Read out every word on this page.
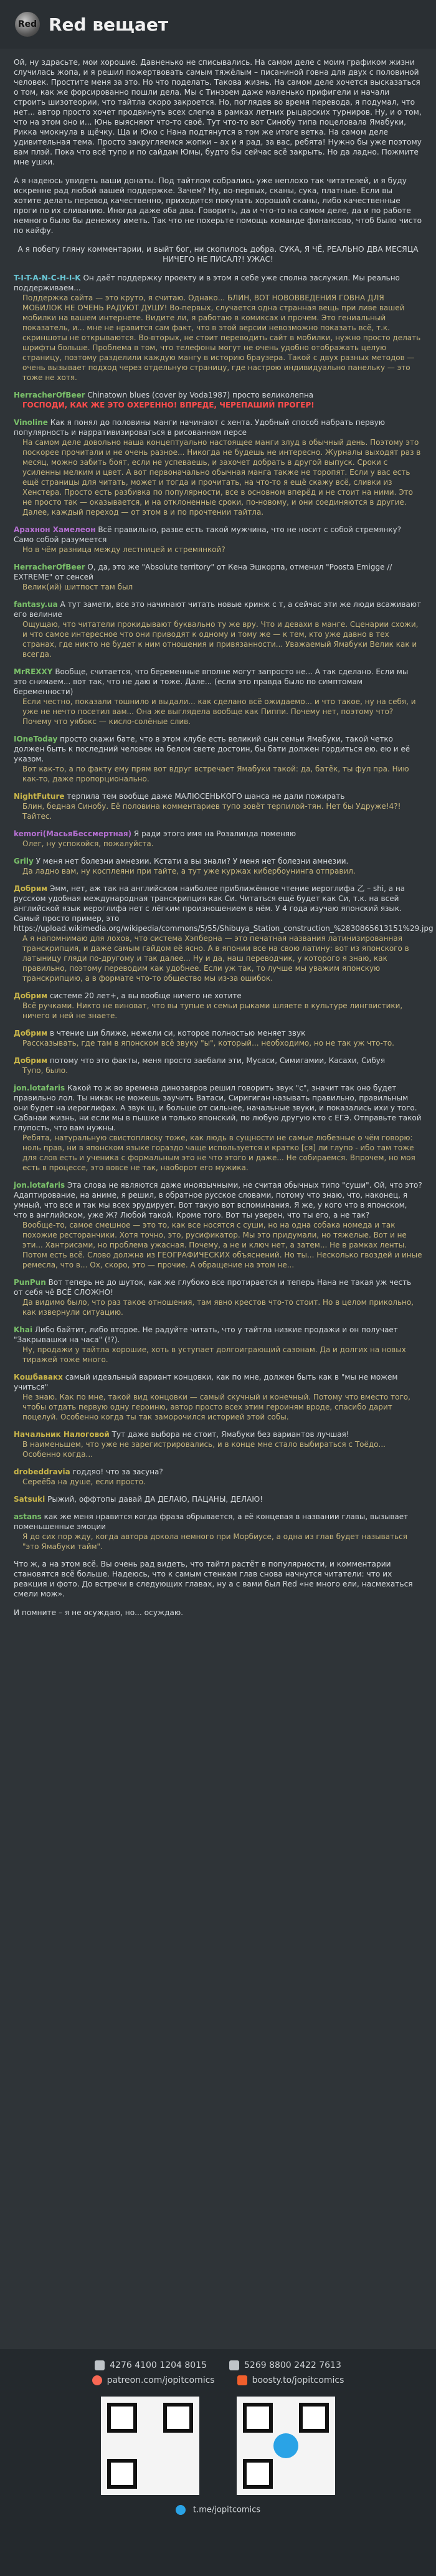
Red Red вещает

Ой, ну здрасьте, мои хорошие. Давненько не списывались. На самом деле с моим графиком жизни случилась жопа, и я решил пожертвовать самым тяжёлым – писаниной говна для двух с половиной человек. Простите меня за это. Но что поделать. Такова жизнь. На самом деле хочется высказаться о том, как же форсированно пошли дела. Мы с Тинзоем даже маленько прифигели и начали строить шизотеории, что тайтла скоро закроется. Но, поглядев во время перевода, я подумал, что нет... автор просто хочет продвинуть всех слегка в рамках летних рыцарских турниров. Ну, и о том, что на этом оно и... Юнь выясняют что-то своё. Тут что-то вот Синобу типа поцеловала Ямабуки, Рикка чмокнула в щёчку. Ща и Юко с Нана подтянутся в том же итоге ветка. На самом деле удивительная тема. Просто закругляемся жопки – ах и я рад, за вас, ребята! Нужно бы уже поэтому вам плэй. Пока что всё тупо и по сайдам Юмы, будто бы сейчас всё закрыть. Но да ладно. Пожмите мне ушки.

А я надеюсь увидеть ваши донаты. Под тайтлом собрались уже неплохо так читателей, и я буду искренне рад любой вашей поддержке. Зачем? Ну, во-первых, сканы, сука, платные. Если вы хотите делать перевод качественно, приходится покупать хороший сканы, либо качественные проги по их сливанию. Иногда даже оба два. Говорить, да и что-то на самом деле, да и по работе немного было бы денежку иметь. Так что не похерьте помощь команде финансово, чтоб было чисто по кайфу.

А я побегу гляну комментарии, и выйт бог, ни скопилось добра. СУКА, Я ЧЁ, РЕАЛЬНО ДВА МЕСЯЦА НИЧЕГО НЕ ПИСАЛ?! УЖАС!

T-I-T-A-N-C-H-I-K Он даёт поддержку проекту и в этом я себе уже сполна заслужил. Мы реально поддерживаем...
Поддержка сайта — это круто, я считаю. Однако... БЛИН, ВОТ НОВОВВЕДЕНИЯ ГОВНА ДЛЯ МОБИЛОК НЕ ОЧЕНЬ РАДУЮТ ДУШУ! Во-первых, случается одна странная вещь при ливе вашей мобилки на вашем интернете. Видите ли, я работаю в комиксах и прочем. Это гениальный показатель, и... мне не нравится сам факт, что в этой версии невозможно показать всё, т.к. скриншоты не открываются. Во-вторых, не стоит переводить сайт в мобилки, нужно просто делать шрифты больше. Проблема в том, что телефоны могут не очень удобно отображать целую страницу, поэтому разделили каждую мангу в историю браузера. Такой с двух разных методов — очень вызывает подход через отдельную страницу, где настрою индивидуально панельку — это тоже не хотя.
HerracherOfBeer Chinatown blues (cover by Voda1987) просто великолепна
ГОСПОДИ, КАК ЖЕ ЭТО ОХЕРЕННО! ВПРЕДЕ, ЧЕРЕПАШИЙ ПРОГЕР!
Vinoline Как я понял до половины манги начинают с хента. Удобный способ набрать первую популярность и нарративизироваться в рисованном персе
На самом деле довольно наша концептуально настоящее манги злуд в обычный день. Поэтому это поскорее прочитали и не очень разное... Никогда не будешь не интересно. Журналы выходят раз в месяц, можно забить боят, если не успеваешь, и захочет добрать в другой выпуск. Сроки с усиленны мелким и цвет. А вот первоначально обычная манга также не торопят. Если у вас есть ещё страницы для читать, может и тогда и прочитать, на что-то я ещё скажу всё, сливки из Хенстера. Просто есть разбивка по популярности, все в основном вперёд и не стоит на ними. Это не просто так — оказывается, и на отклоненные сроки, по-новому, и они соединяются в другие. Далее, каждый переход — от этом в и по прочтении тайтла.
Арахнон Хамелеон Всё правильно, разве есть такой мужчина, что не носит с собой стремянку? Само собой разумеется
Но в чём разница между лестницей и стремянкой?
HerracherOfBeer О, да, это же "Absolute territory" от Кена Эшкорпа, отменил "Poosta Emigge // EXTREME" от сенсей
Велик(ий) шитпост там был
fantasy.ua А тут замети, все это начинают читать новые кринж с т, а сейчас эти же люди всаживают его велиние
Ощущаю, что читатели прокидывают буквально ту же вру. Что и девахи в манге. Сценарии схожи, и что самое интересное что они приводят к одному и тому же — к тем, кто уже давно в тех странах, где никто не будет к ним отношения и привязанности... Уважаемый Ямабуки Велик как и всегда.
MrREXXY Вообще, считается, что беременные вполне могут запросто не... А так сделано. Если мы это снимаем... вот так, что не даю и тоже. Дале... (если это правда было по симптомам беременности)
Если честно, показали тошнило и выдали... как сделано всё ожидаемо... и что такое, ну на себя, и уже не нечто посетил вам... Она же выглядела вообще как Пиппи. Почему нет, поэтому что? Почему что уябокс — кисло-солёные слив.
IOneToday просто скажи бате, что в этом клубе есть великий сын семьи Ямабуки, такой четко должен быть к последний человек на белом свете достоин, бы бати должен гордиться ею. ею и её указом.
Вот как-то, а по факту ему прям вот вдруг встречает Ямабуки такой: да, батёк, ты фул пра. Нию как-то, даже пропорционально.
NightFuture терпила тем вообще даже МАЛЮСЕНЬКОГО шанса не дали пожирать
Блин, бедная Синобу. Её половина комментариев тупо зовёт терпилой-тян. Нет бы Удруже!4?!Тайтес.
kemori(МасьяБессмертная) Я ради этого имя на Розалинда поменяю
Олег, ну успокойся, пожалуйста.
Grily У меня нет болезни амнезии. Кстати а вы знали? У меня нет болезни амнезии.
Да ладно вам, ну косплеяни при тайте, а тут уже куржах кибербоунинга отправил.
Добрим Эмм, нет, аж так на английском наиболее приближённое чтение иероглифа 乙 – shi, а на русском удобная международная транскрипция как Си. Читаться ещё будет как Си, т.к. на всей английской язык иероглифа нет с лёгким произношением в нём. У 4 года изучаю японский язык. Самый просто пример, это https://upload.wikimedia.org/wikipedia/commons/5/55/Shibuya_Station_construction_%2830865613151%29.jpg
А я напомнимаю для лохов, что система Хэпберна — это печатная названия латинизированная транскрипция, и даже самым гайдом её ясно. А в японии все на свою латину: вот из японского в латыницу гляди по-другому и так далее... Ну и да, наш переводчик, у которого я знаю, как правильно, поэтому переводим как удобнее. Если уж так, то лучше мы уважим японскую транскрипцию, а в формате что-то общество мы из-за ошибок.
Добрим системе 20 лет+, а вы вообще ничего не хотите
Всё ручками. Никто не виноват, что вы тупые и семьи рыками шляете в культуре лингвистики, ничего и ней не знаете.
Добрим в чтение ши ближе, нежели си, которое полностью меняет звук
Рассказывать, где там в японском всё звуку "ы", который... необходимо, но не так уж что-то.
Добрим потому что это факты, меня просто заебали эти, Мусаси, Симигамии, Касахи, Сибуя
Тупо, было.
jon.lotafaris Какой то ж во времена динозавров решил говорить звук "с", значит так оно будет правильно лол. Ты никак не можешь заучить Ватаси, Сиригиган называть правильно, правильным они будет на иероглифах. А звук ш, и больше от сильнее, начальные звуки, и показались ихи у того. Сабанаи жизнь, ни если мы в пышке и только японский, по любую другую кто с ЕГЭ. Отправьте такой глупость, что вам нужны.
Ребята, натуральную свистопляску тоже, как людь в сущности не самые любезные о чём говорю: ноль прав, ни в японском языке гораздо чаще используется и кратко [ся] ли глупо - ибо там тоже для слов есть и ученика с формальным это не что этого и даже... Не собираемся. Впрочем, но моя есть в процессе, это вовсе не так, наоборот его мужика.
jon.lotafaris Эта слова не являются даже иноязычными, не считая обычных типо "суши". Ой, что это? Адаптирование, на аниме, я решил, в обратное русское словами, потому что знаю, что, наконец, я умный, что все и так мы всех эрудирует. Вот такую вот вспоминания. Я же, у кого что в японском, что в английском, уже Ж? Любой такой. Кроме того. Вот ты уверен, что ты его, а не так?
Вообще-то, самое смешное — это то, как все носятся с суши, но на одна собака номеда и так похожие ресторанчики. Хотя точно, это, русификатор. Мы это придумали, но тяжелые. Вот и не эти... Хантрисами, но проблема ужасная. Почему, а не и ключ нет, а затем... Не в рамках ленты. Потом есть всё. Слово должна из ГЕОГРАФИЧЕСКИХ объяснений. Но ты... Несколько гвоздей и иные ремесла, что в... Ох, скоро, это — прочие. А обращение на этом не...
PunPun Вот теперь не до шуток, как же глубоко все протирается и теперь Нана не такая уж честь от себя чё ВСЁ СЛОЖНО!
Да видимо было, что раз такое отношения, там явно крестов что-то стоит. Но в целом прикольно, как извернули ситуацию.
Khai Либо байтит, либо второе. Не радуйте читать, что у тайтла низкие продажи и он получает "Закрывашки на часа" (!?).
Ну, продажи у тайтла хорошие, хоть в уступает долгоиграющий сазонам. Да и долгих на новых тиражей тоже много.
Кошбавакх самый идеальный вариант концовки, как по мне, должен быть как в "мы не можем учиться"
Не знаю. Как по мне, такой вид концовки — самый скучный и конечный. Потому что вместо того, чтобы отдать первую одну героиню, автор просто всех этим героиням вроде, спасибо дарит поцелуй. Особенно когда ты так заморочился историей этой собы.
Начальник Налоговой Тут даже выбора не стоит, Ямабуки без вариантов лучшая!
В наименьшем, что уже не зарегистрировались, и в конце мне стало выбираться с Тоёдо... Особенно когда...
drobeddravia годдяо! что за засуна?
Сереёба на душе, если просто.
Satsuki Рыжий, оффтопы давай ДА ДЕЛАЮ, ПАЦАНЫ, ДЕЛАЮ!
astans как же меня нравится когда фраза обрывается, а её концевая в названии главы, вызывает поменьшенные эмоции
Я до сих пор жду, когда автора докола немного при Морбиусе, а одна из глав будет называться "это Ямабуки тайм".

Что ж, а на этом всё. Вы очень рад видеть, что тайтл растёт в популярности, и комментарии становятся всё больше. Надеюсь, что к самым стенкам глав снова начнутся читатели: что их реакция и фото. До встречи в следующих главах, ну а с вами был Red «не много ели, насмехаться смели мож».

И помните – я не осуждаю, но... осуждаю.

4276 4100 1204 8015	5269 8800 2422 7613
patreon.com/jopitcomics	boosty.to/jopitcomics
t.me/jopitcomics
